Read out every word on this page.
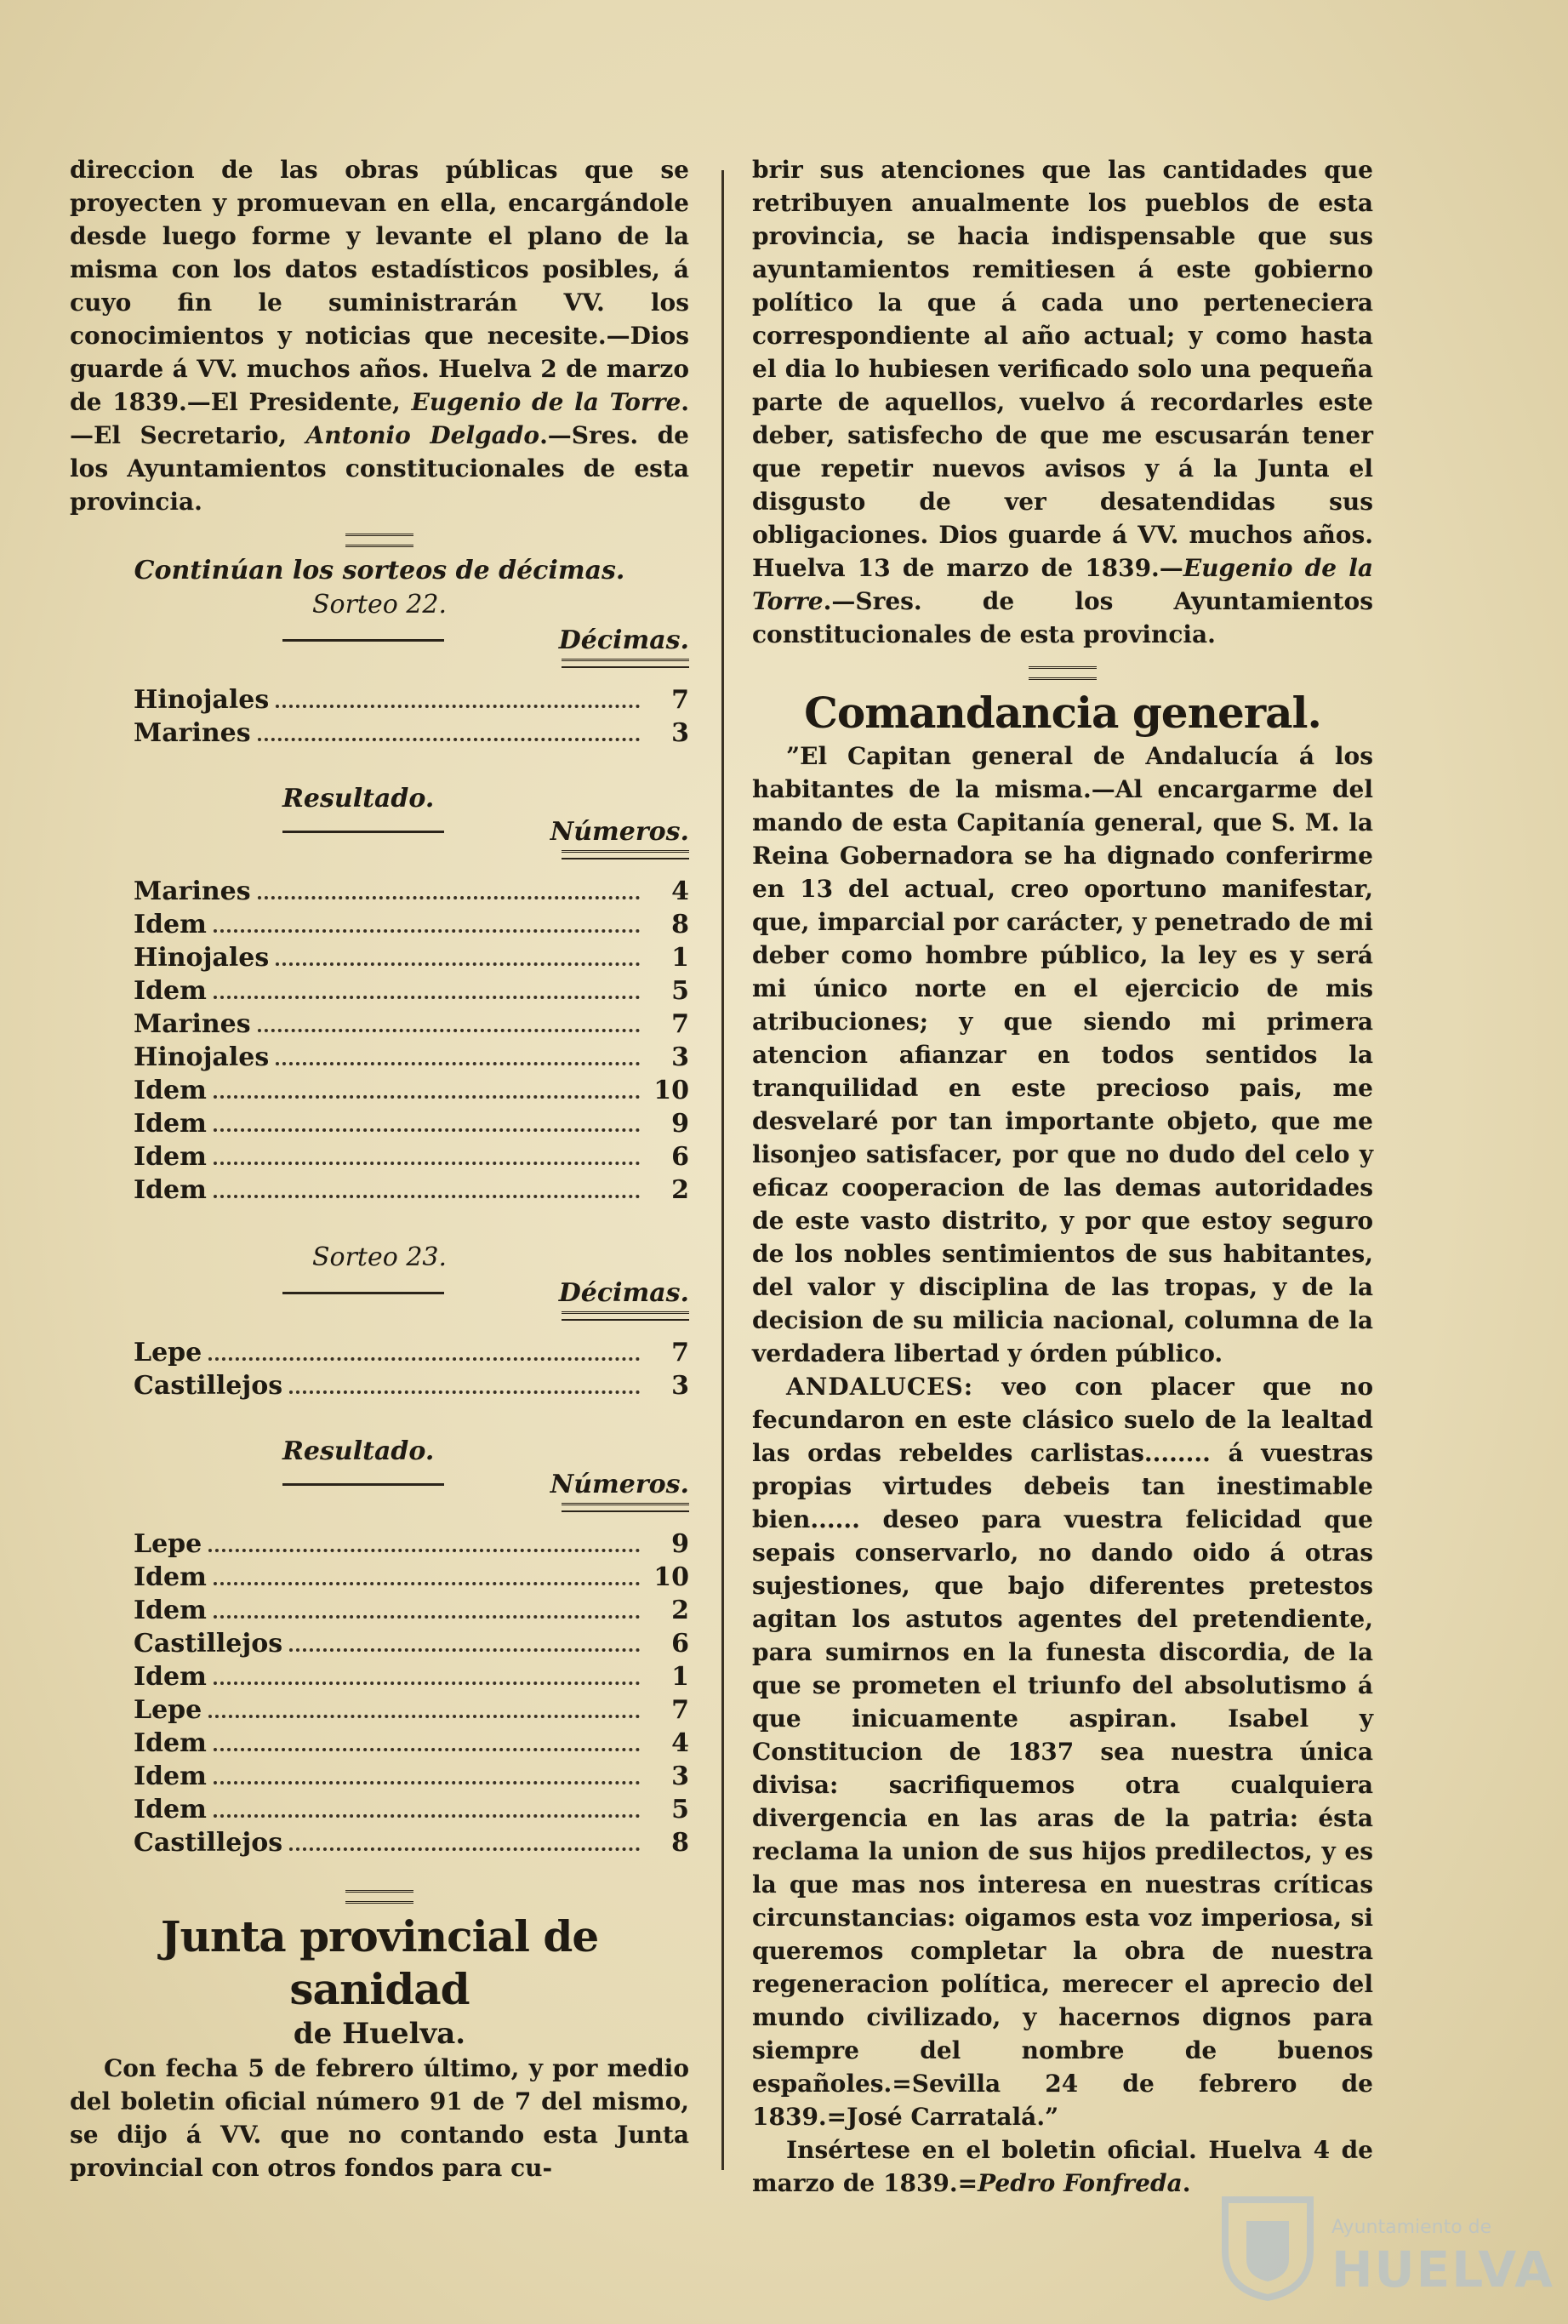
direccion de las obras públicas que se proyecten y promuevan en ella, encargándole desde luego forme y levante el plano de la misma con los datos estadísticos posibles, á cuyo fin le suministrarán VV. los conocimientos y noticias que necesite.—Dios guarde á VV. muchos años. Huelva 2 de marzo de 1839.—El Presidente, Eugenio de la Torre.—El Secretario, Antonio Delgado.—Sres. de los Ayuntamientos constitucionales de esta provincia.

Continúan los sorteos de décimas.

Sorteo 22.

Décimas.
Hinojales	7
Marines	3

Resultado.

Números.
Marines	4
Idem	8
Hinojales	1
Idem	5
Marines	7
Hinojales	3
Idem	10
Idem	9
Idem	6
Idem	2

Sorteo 23.

Décimas.
Lepe	7
Castillejos	3

Resultado.

Números.
Lepe	9
Idem	10
Idem	2
Castillejos	6
Idem	1
Lepe	7
Idem	4
Idem	3
Idem	5
Castillejos	8

Junta provincial de sanidad

de Huelva.

Con fecha 5 de febrero último, y por medio del boletin oficial número 91 de 7 del mismo, se dijo á VV. que no contando esta Junta provincial con otros fondos para cu-

brir sus atenciones que las cantidades que retribuyen anualmente los pueblos de esta provincia, se hacia indispensable que sus ayuntamientos remitiesen á este gobierno político la que á cada uno perteneciera correspondiente al año actual; y como hasta el dia lo hubiesen verificado solo una pequeña parte de aquellos, vuelvo á recordarles este deber, satisfecho de que me escusarán tener que repetir nuevos avisos y á la Junta el disgusto de ver desatendidas sus obligaciones. Dios guarde á VV. muchos años. Huelva 13 de marzo de 1839.—Eugenio de la Torre.—Sres. de los Ayuntamientos constitucionales de esta provincia.

Comandancia general.

”El Capitan general de Andalucía á los habitantes de la misma.—Al encargarme del mando de esta Capitanía general, que S. M. la Reina Gobernadora se ha dignado conferirme en 13 del actual, creo oportuno manifestar, que, imparcial por carácter, y penetrado de mi deber como hombre público, la ley es y será mi único norte en el ejercicio de mis atribuciones; y que siendo mi primera atencion afianzar en todos sentidos la tranquilidad en este precioso pais, me desvelaré por tan importante objeto, que me lisonjeo satisfacer, por que no dudo del celo y eficaz cooperacion de las demas autoridades de este vasto distrito, y por que estoy seguro de los nobles sentimientos de sus habitantes, del valor y disciplina de las tropas, y de la decision de su milicia nacional, columna de la verdadera libertad y órden público.

ANDALUCES: veo con placer que no fecundaron en este clásico suelo de la lealtad las ordas rebeldes carlistas........ á vuestras propias virtudes debeis tan inestimable bien...... deseo para vuestra felicidad que sepais conservarlo, no dando oido á otras sujestiones, que bajo diferentes pretestos agitan los astutos agentes del pretendiente, para sumirnos en la funesta discordia, de la que se prometen el triunfo del absolutismo á que inicuamente aspiran. Isabel y Constitucion de 1837 sea nuestra única divisa: sacrifiquemos otra cualquiera divergencia en las aras de la patria: ésta reclama la union de sus hijos predilectos, y es la que mas nos interesa en nuestras críticas circunstancias: oigamos esta voz imperiosa, si queremos completar la obra de nuestra regeneracion política, merecer el aprecio del mundo civilizado, y hacernos dignos para siempre del nombre de buenos españoles.=Sevilla 24 de febrero de 1839.=José Carratalá.”

Insértese en el boletin oficial. Huelva 4 de marzo de 1839.=Pedro Fonfreda.

Ayuntamiento de
HUELVA
